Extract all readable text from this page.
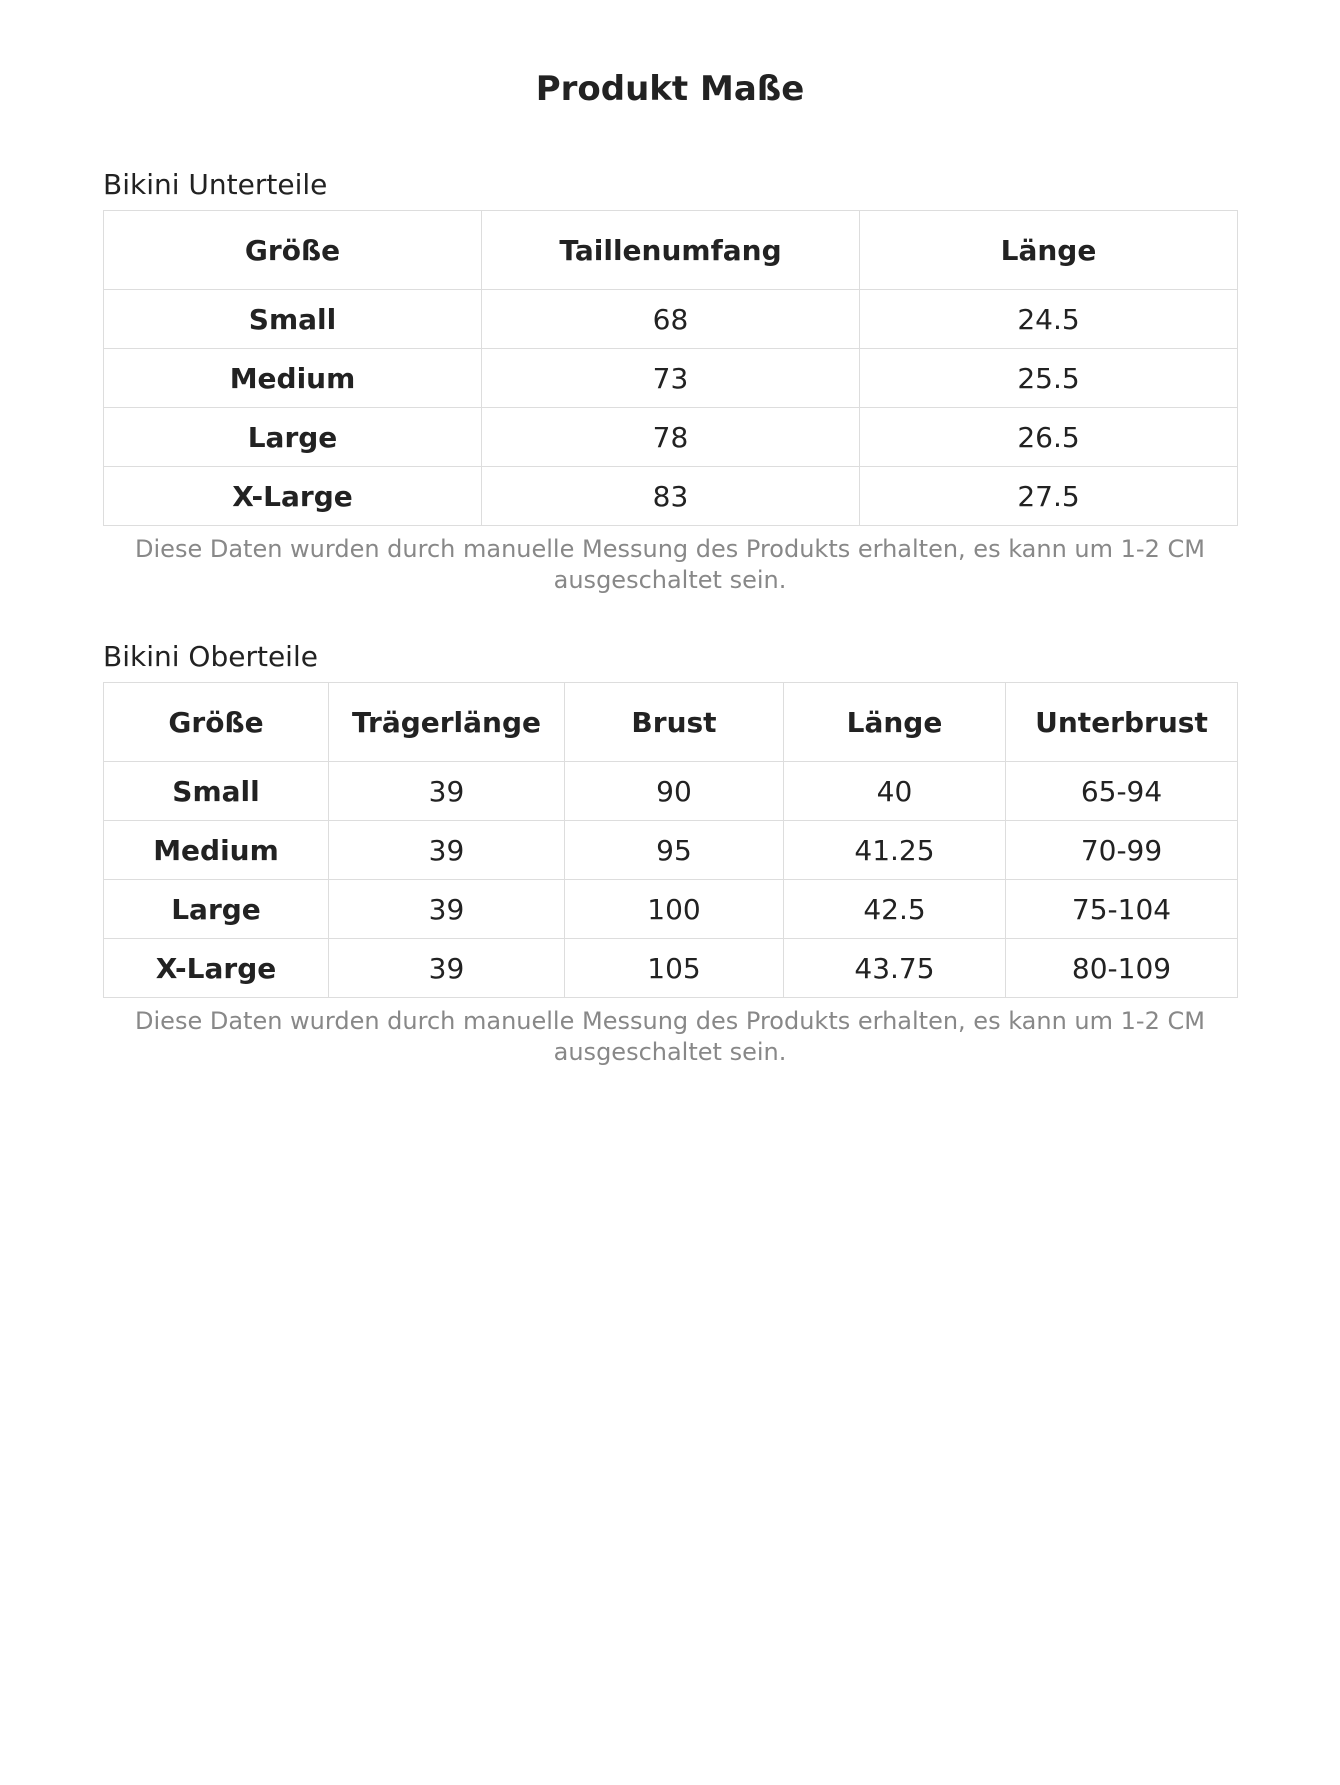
Produkt Maße
Bikini Unterteile
Größe	Taillenumfang	Länge
Small	68	24.5
Medium	73	25.5
Large	78	26.5
X-Large	83	27.5
Diese Daten wurden durch manuelle Messung des Produkts erhalten, es kann um 1-2 CM ausgeschaltet sein.
Bikini Oberteile
Größe	Trägerlänge	Brust	Länge	Unterbrust
Small	39	90	40	65-94
Medium	39	95	41.25	70-99
Large	39	100	42.5	75-104
X-Large	39	105	43.75	80-109
Diese Daten wurden durch manuelle Messung des Produkts erhalten, es kann um 1-2 CM ausgeschaltet sein.
